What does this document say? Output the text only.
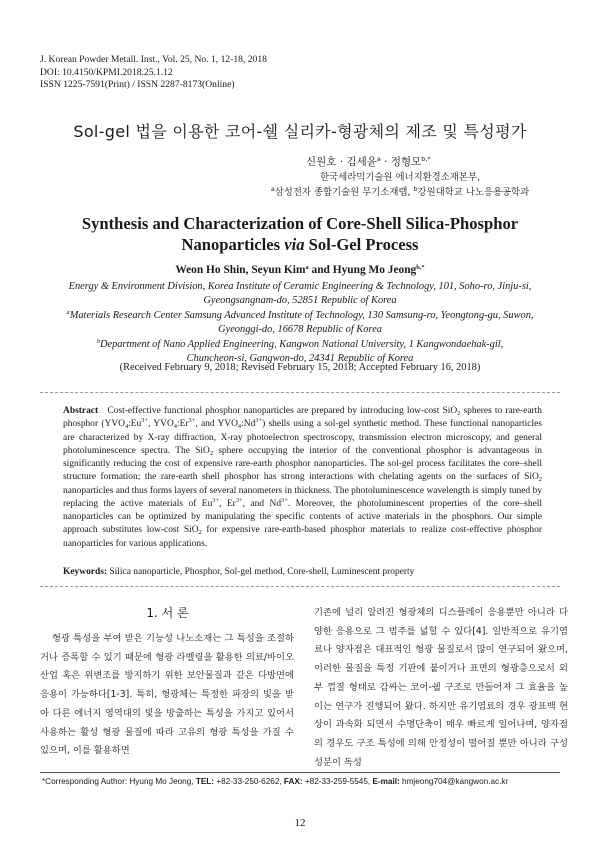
J. Korean Powder Metall. Inst., Vol. 25, No. 1, 12-18, 2018
DOI: 10.4150/KPMI.2018.25.1.12
ISSN 1225-7591(Print) / ISSN 2287-8173(Online)
Sol-gel 법을 이용한 코어-쉘 실리카-형광체의 제조 및 특성평가
신원호 · 김세윤$^a$ · 정형모$^{b,*}$
한국세라믹기술원 에너지환경소재본부,
$^a$삼성전자 종합기술원 무기소재랩, $^b$강원대학교 나노응용공학과
Synthesis and Characterization of Core-Shell Silica-Phosphor
Nanoparticles via Sol-Gel Process
Weon Ho Shin, Seyun Kim$^a$ and Hyung Mo Jeong$^{b,*}$
Energy & Environment Division, Korea Institute of Ceramic Engineering & Technology, 101, Soho-ro, Jinju-si,
Gyeongsangnam-do, 52851 Republic of Korea
$^a$Materials Research Center Samsung Advanced Institute of Technology, 130 Samsung-ro, Yeongtong-gu, Suwon,
Gyeonggi-do, 16678 Republic of Korea
$^b$Department of Nano Applied Engineering, Kangwon National University, 1 Kangwondaehak-gil,
Chuncheon-si, Gangwon-do, 24341 Republic of Korea
(Received February 9, 2018; Revised February 15, 2018; Accepted February 16, 2018)
Abstract Cost-effective functional phosphor nanoparticles are prepared by introducing low-cost SiO$_2$ spheres to rare-earth phosphor ($YVO_4:Eu^{3+}$, $YVO_4:Er^{3+}$, and $YVO_4:Nd^{3+}$) shells using a sol-gel synthetic method. These functional nanoparticles are characterized by X-ray diffraction, X-ray photoelectron spectroscopy, transmission electron microscopy, and general photoluminescence spectra. The SiO$_2$ sphere occupying the interior of the conventional phosphor is advantageous in significantly reducing the cost of expensive rare-earth phosphor nanoparticles. The sol-gel process facilitates the core–shell structure formation; the rare-earth shell phosphor has strong interactions with chelating agents on the surfaces of SiO$_2$ nanoparticles and thus forms layers of several nanometers in thickness. The photoluminescence wavelength is simply tuned by replacing the active materials of $Eu^{3+}$, $Er^{3+}$, and $Nd^{3+}$. Moreover, the photoluminescent properties of the core–shell nanoparticles can be optimized by manipulating the specific contents of active materials in the phosphors. Our simple approach substitutes low-cost SiO$_2$ for expensive rare-earth-based phosphor materials to realize cost-effective phosphor nanoparticles for various applications.
Keywords: Silica nanoparticle, Phosphor, Sol-gel method, Core-shell, Luminescent property
1. 서 론
형광 특성을 부여 받은 기능성 나노소재는 그 특성을 조절하거나 증폭할 수 있기 때문에 형광 라벨링을 활용한 의료/바이오 산업 혹은 위변조를 방지하기 위한 보안물질과 같은 다방면에 응용이 가능하다[1-3]. 특히, 형광체는 특정한 파장의 빛을 받아 다른 에너지 영역대의 빛을 방출하는 특성을 가지고 있어서 사용하는 활성 형광 물질에 따라 고유의 형광 특성을 가질 수 있으며, 이를 활용하면
기존에 널리 알려진 형광체의 디스플레이 응용뿐만 아니라 다양한 응용으로 그 범주를 넓힐 수 있다[4]. 일반적으로 유기염료나 양자점은 대표적인 형광 물질로서 많이 연구되어 왔으며, 이러한 물질을 특정 기판에 붙이거나 표면의 형광층으로서 외부 껍질 형태로 감싸는 코어-쉘 구조로 만들어져 그 효율을 높이는 연구가 진행되어 왔다. 하지만 유기염료의 경우 광표백 현상이 과속화 되면서 수명단축이 매우 빠르게 일어나며, 양자점의 경우도 구조 특성에 의해 안정성이 떨어질 뿐만 아니라 구성 성분이 독성
*Corresponding Author: Hyung Mo Jeong, TEL: +82-33-250-6262, FAX: +82-33-259-5545, E-mail: hmjeong704@kangwon.ac.kr
12
